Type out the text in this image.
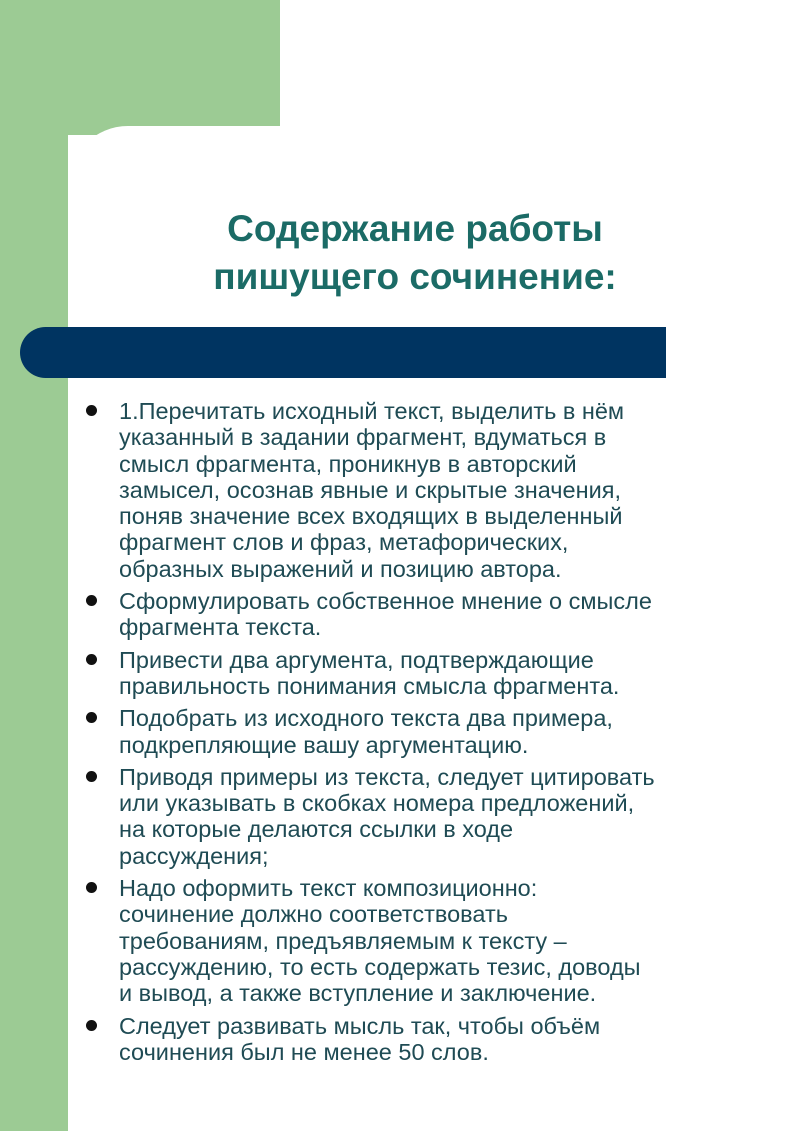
Содержание работы
пишущего сочинение:
1.Перечитать исходный текст, выделить в нём
указанный в задании фрагмент, вдуматься в
смысл фрагмента, проникнув в авторский
замысел, осознав явные и скрытые значения,
поняв значение всех входящих в выделенный
фрагмент слов и фраз, метафорических,
образных выражений и позицию автора.
Сформулировать собственное мнение о смысле
фрагмента текста.
Привести два аргумента, подтверждающие
правильность понимания смысла фрагмента.
Подобрать из исходного текста два примера,
подкрепляющие вашу аргументацию.
Приводя примеры из текста, следует цитировать
или указывать в скобках номера предложений,
на которые делаются ссылки в ходе
рассуждения;
Надо оформить текст композиционно:
сочинение должно соответствовать
требованиям, предъявляемым к тексту –
рассуждению, то есть содержать тезис, доводы
и вывод, а также вступление и заключение.
Следует развивать мысль так, чтобы объём
сочинения был не менее 50 слов.
